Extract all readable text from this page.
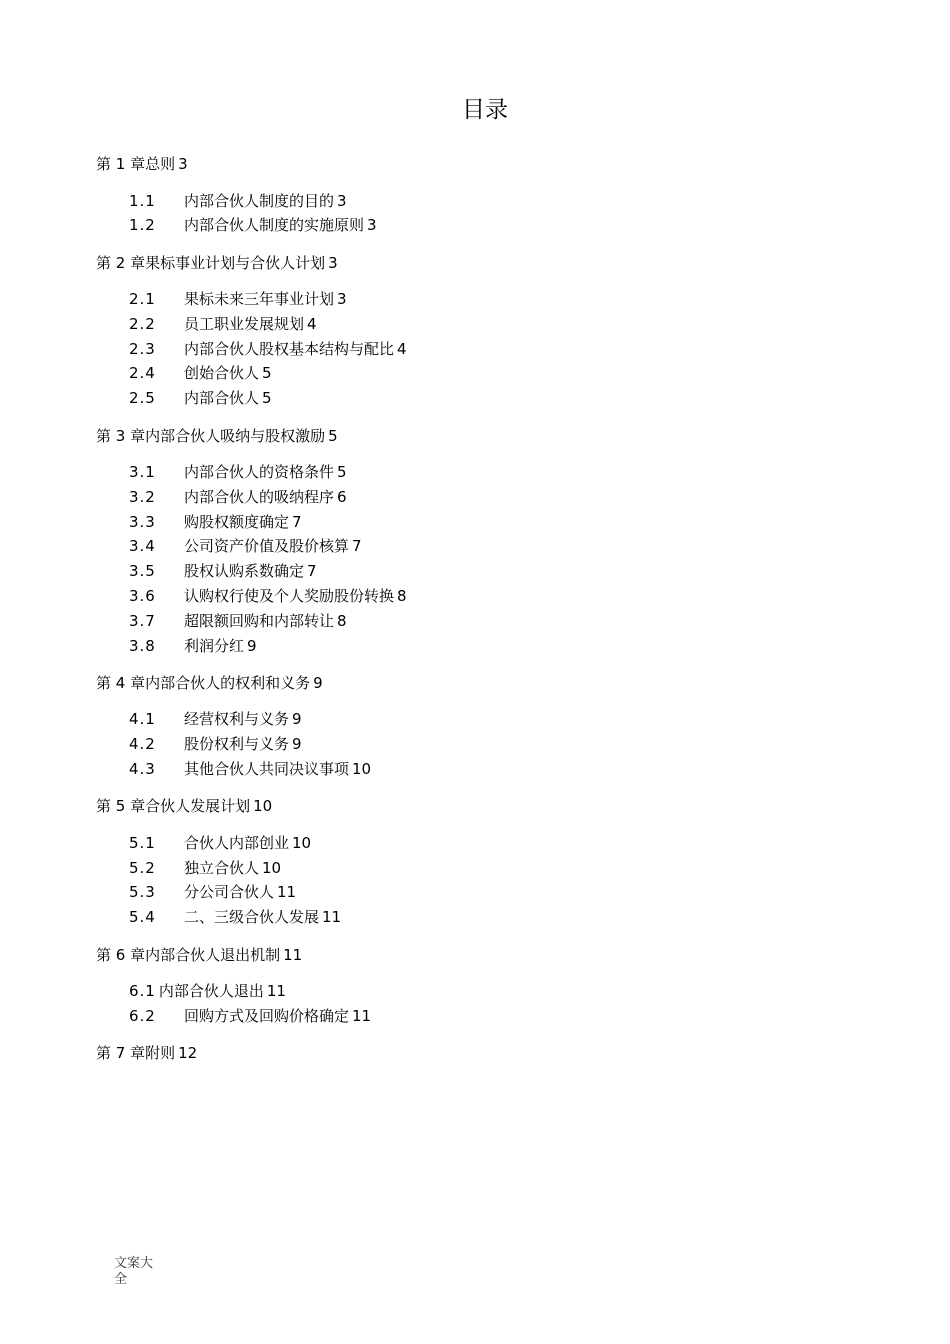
目录
第 1 章总则 3
1.1 内部合伙人制度的目的 3
1.2 内部合伙人制度的实施原则 3
第 2 章果标事业计划与合伙人计划 3
2.1 果标未来三年事业计划 3
2.2 员工职业发展规划 4
2.3 内部合伙人股权基本结构与配比 4
2.4 创始合伙人 5
2.5 内部合伙人 5
第 3 章内部合伙人吸纳与股权激励 5
3.1 内部合伙人的资格条件 5
3.2 内部合伙人的吸纳程序 6
3.3 购股权额度确定 7
3.4 公司资产价值及股价核算 7
3.5 股权认购系数确定 7
3.6 认购权行使及个人奖励股份转换 8
3.7 超限额回购和内部转让 8
3.8 利润分红 9
第 4 章内部合伙人的权利和义务 9
4.1 经营权利与义务 9
4.2 股份权利与义务 9
4.3 其他合伙人共同决议事项 10
第 5 章合伙人发展计划 10
5.1 合伙人内部创业 10
5.2 独立合伙人 10
5.3 分公司合伙人 11
5.4 二、三级合伙人发展 11
第 6 章内部合伙人退出机制 11
6.1 内部合伙人退出 11
6.2 回购方式及回购价格确定 11
第 7 章附则 12
文案大全
